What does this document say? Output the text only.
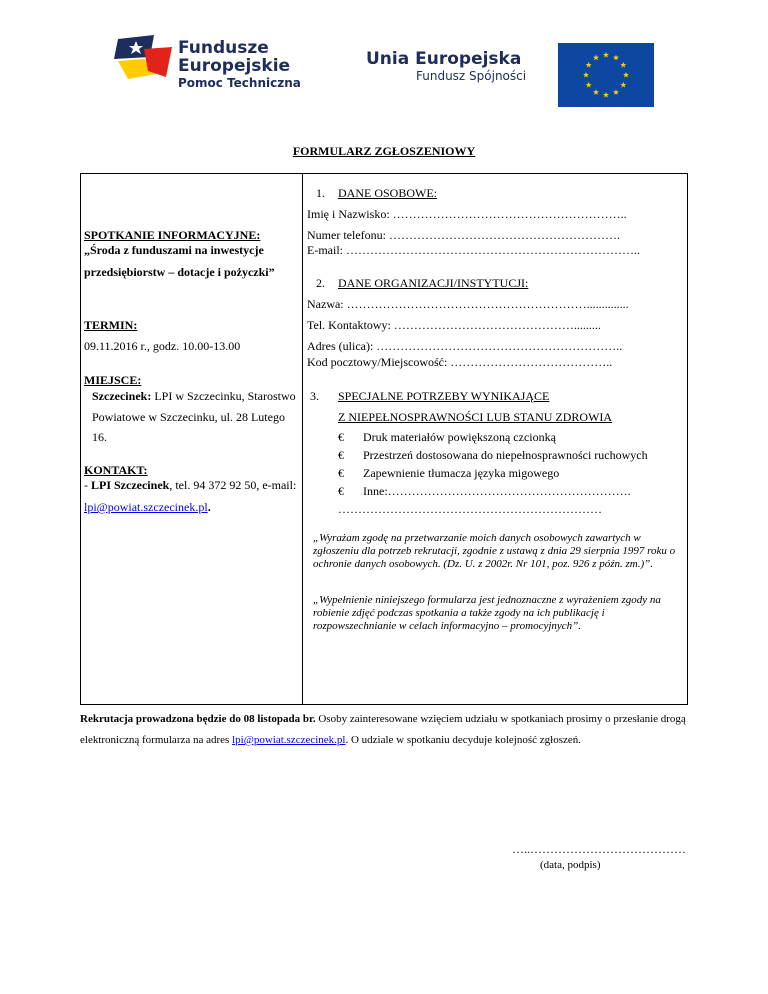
Fundusze
Europejskie
Pomoc Techniczna
Unia Europejska
Fundusz Spójności
FORMULARZ ZGŁOSZENIOWY
SPOTKANIE INFORMACYJNE:
„Środa z funduszami na inwestycje
przedsiębiorstw – dotacje i pożyczki”
TERMIN:
09.11.2016 r., godz. 10.00-13.00
MIEJSCE:
Szczecinek: LPI w Szczecinku, Starostwo
Powiatowe w Szczecinku, ul. 28 Lutego
16.
KONTAKT:
- LPI Szczecinek, tel. 94 372 92 50, e-mail:
lpi@powiat.szczecinek.pl.
1. DANE OSOBOWE:
Imię i Nazwisko: …………………………………………………..
Numer telefonu: ………………………………………………….
E-mail: ………………………………………………………………..
2. DANE ORGANIZACJI/INSTYTUCJI:
Nazwa: ……………………………………………………..............
Tel. Kontaktowy: ……………………………………….........
Adres (ulica): ……………………………………………………..
Kod pocztowy/Miejscowość: …………………………………..
3. SPECJALNE POTRZEBY WYNIKAJĄCE
Z NIEPEŁNOSPRAWNOŚCI LUB STANU ZDROWIA
€ Druk materiałów powiększoną czcionką
€ Przestrzeń dostosowana do niepełnosprawności ruchowych
€ Zapewnienie tłumacza języka migowego
€ Inne:…………………………………………………….
…………………………………………………………
„Wyrażam zgodę na przetwarzanie moich danych osobowych zawartych w zgłoszeniu dla potrzeb rekrutacji, zgodnie z ustawą z dnia 29 sierpnia 1997 roku o ochronie danych osobowych. (Dz. U. z 2002r. Nr 101, poz. 926 z późn. zm.)”.
„Wypełnienie niniejszego formularza jest jednoznaczne z wyrażeniem zgody na robienie zdjęć podczas spotkania a także zgody na ich publikację i rozpowszechnianie w celach informacyjno – promocyjnych”.
Rekrutacja prowadzona będzie do 08 listopada br. Osoby zainteresowane wzięciem udziału w spotkaniach prosimy o przesłanie drogą
elektroniczną formularza na adres lpi@powiat.szczecinek.pl. O udziale w spotkaniu decyduje kolejność zgłoszeń.
…..…………………………………
(data, podpis)
